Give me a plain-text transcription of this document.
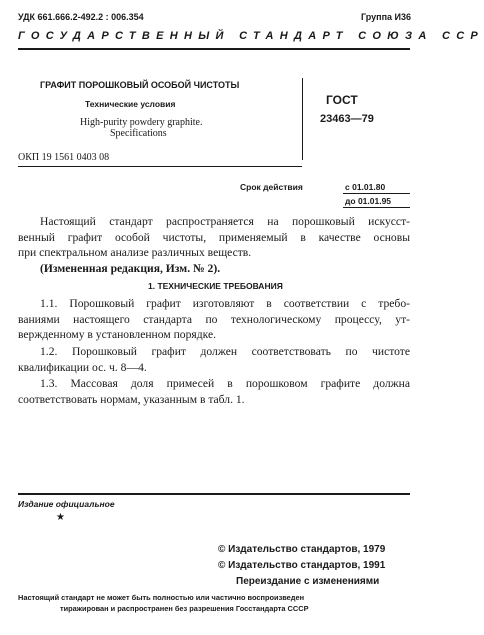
УДК 661.666.2-492.2 : 006.354	Группа И36
ГОСУДАРСТВЕННЫЙ СТАНДАРТ СОЮЗА ССР
ГРАФИТ ПОРОШКОВЫЙ ОСОБОЙ ЧИСТОТЫ
Технические условия
High-purity powdery graphite.
Specifications
ГОСТ
23463—79
ОКП 19 1561 0403 08
Срок действия	с 01.01.80
до 01.01.95
Настоящий стандарт распространяется на порошковый искусст-
венный графит особой чистоты, применяемый в качестве основы
при спектральном анализе различных веществ.
(Измененная редакция, Изм. № 2).
1. ТЕХНИЧЕСКИЕ ТРЕБОВАНИЯ
1.1. Порошковый графит изготовляют в соответствии с требо-
ваниями настоящего стандарта по технологическому процессу, ут-
вержденному в установленном порядке.
1.2. Порошковый графит должен соответствовать по чистоте
квалификации ос. ч. 8—4.
1.3. Массовая доля примесей в порошковом графите должна
соответствовать нормам, указанным в табл. 1.
Издание официальное
★
© Издательство стандартов, 1979
© Издательство стандартов, 1991
Переиздание с изменениями
Настоящий стандарт не может быть полностью или частично воспроизведен
тиражирован и распространен без разрешения Госстандарта СССР
